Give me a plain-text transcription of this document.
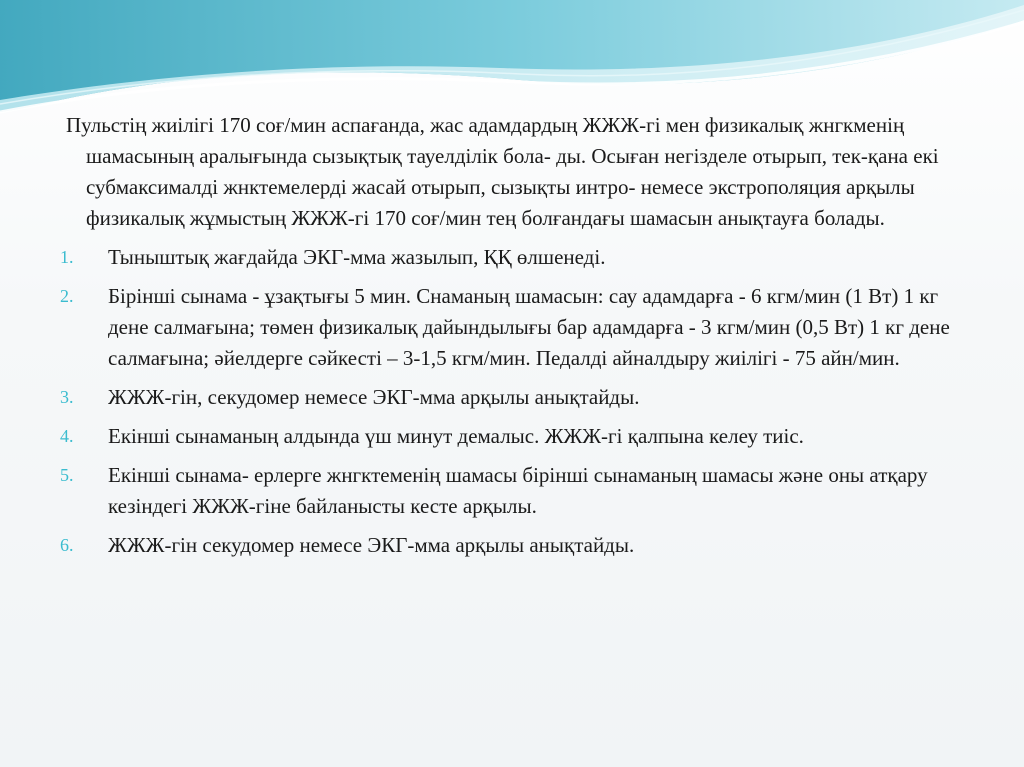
Пульстің жиілігі 170 соғ/мин аспағанда, жас адамдардың ЖЖЖ-гі мен физикалық жнгкменің шамасының аралығында сызықтық тауелділік бола- ды. Осыған негізделе отырып, тек-қана екі субмаксималді жнктемелерді жасай отырып, сызықты интро- немесе экстрополяция арқылы физикалық жұмыстың ЖЖЖ-гі 170 соғ/мин тең болғандағы шамасын анықтауға болады.

1.	Тыныштық жағдайда ЭКГ-мма жазылып, ҚҚ өлшенеді.
2.	Бірінші сынама - ұзақтығы 5 мин. Снаманың шамасын: сау адамдарға - 6 кгм/мин (1 Вт) 1 кг дене салмағына; төмен физикалық дайындылығы бар адамдарға - 3 кгм/мин (0,5 Вт) 1 кг дене салмағына; әйелдерге сәйкесті – 3-1,5 кгм/мин. Педалді айналдыру жиілігі - 75 айн/мин.
3.	ЖЖЖ-гін, секудомер немесе ЭКГ-мма арқылы анықтайды.
4.	Екінші сынаманың алдында үш минут демалыс. ЖЖЖ-гі қалпына келеу тиіс.
5.	Екінші сынама- ерлерге жнгктеменің шамасы бірінші сынаманың шамасы және оны атқару кезіндегі ЖЖЖ-гіне байланысты кесте арқылы.
6.	ЖЖЖ-гін секудомер немесе ЭКГ-мма арқылы анықтайды.
